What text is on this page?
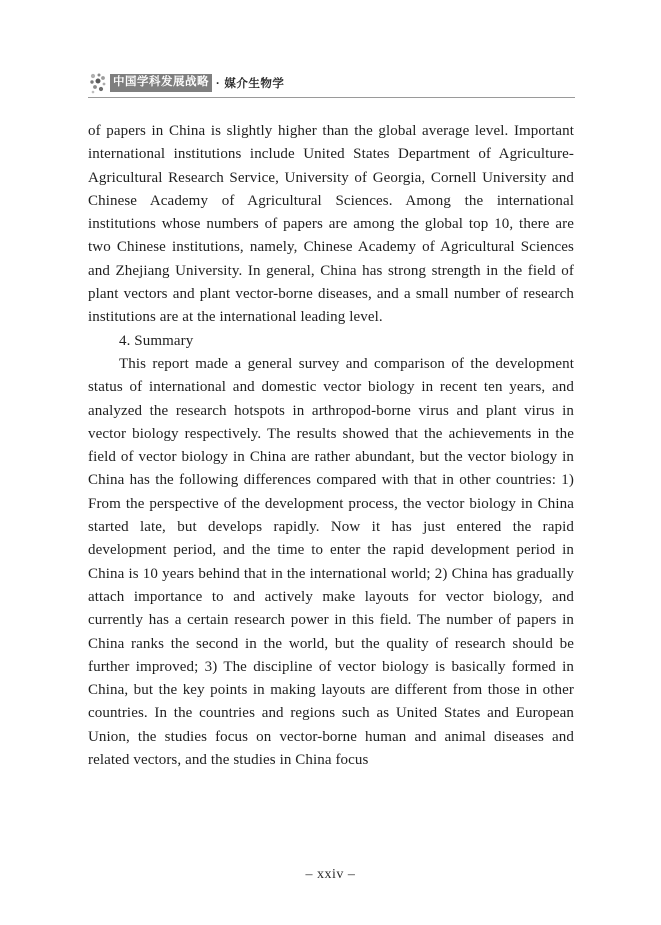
中国学科发展战略 · 媒介生物学

of papers in China is slightly higher than the global average level. Important international institutions include United States Department of Agriculture-Agricultural Research Service, University of Georgia, Cornell University and Chinese Academy of Agricultural Sciences. Among the international institutions whose numbers of papers are among the global top 10, there are two Chinese institutions, namely, Chinese Academy of Agricultural Sciences and Zhejiang University. In general, China has strong strength in the field of plant vectors and plant vector-borne diseases, and a small number of research institutions are at the international leading level.

4. Summary

This report made a general survey and comparison of the development status of international and domestic vector biology in recent ten years, and analyzed the research hotspots in arthropod-borne virus and plant virus in vector biology respectively. The results showed that the achievements in the field of vector biology in China are rather abundant, but the vector biology in China has the following differences compared with that in other countries: 1) From the perspective of the development process, the vector biology in China started late, but develops rapidly. Now it has just entered the rapid development period, and the time to enter the rapid development period in China is 10 years behind that in the international world; 2) China has gradually attach importance to and actively make layouts for vector biology, and currently has a certain research power in this field. The number of papers in China ranks the second in the world, but the quality of research should be further improved; 3) The discipline of vector biology is basically formed in China, but the key points in making layouts are different from those in other countries. In the countries and regions such as United States and European Union, the studies focus on vector-borne human and animal diseases and related vectors, and the studies in China focus

– xxiv –
